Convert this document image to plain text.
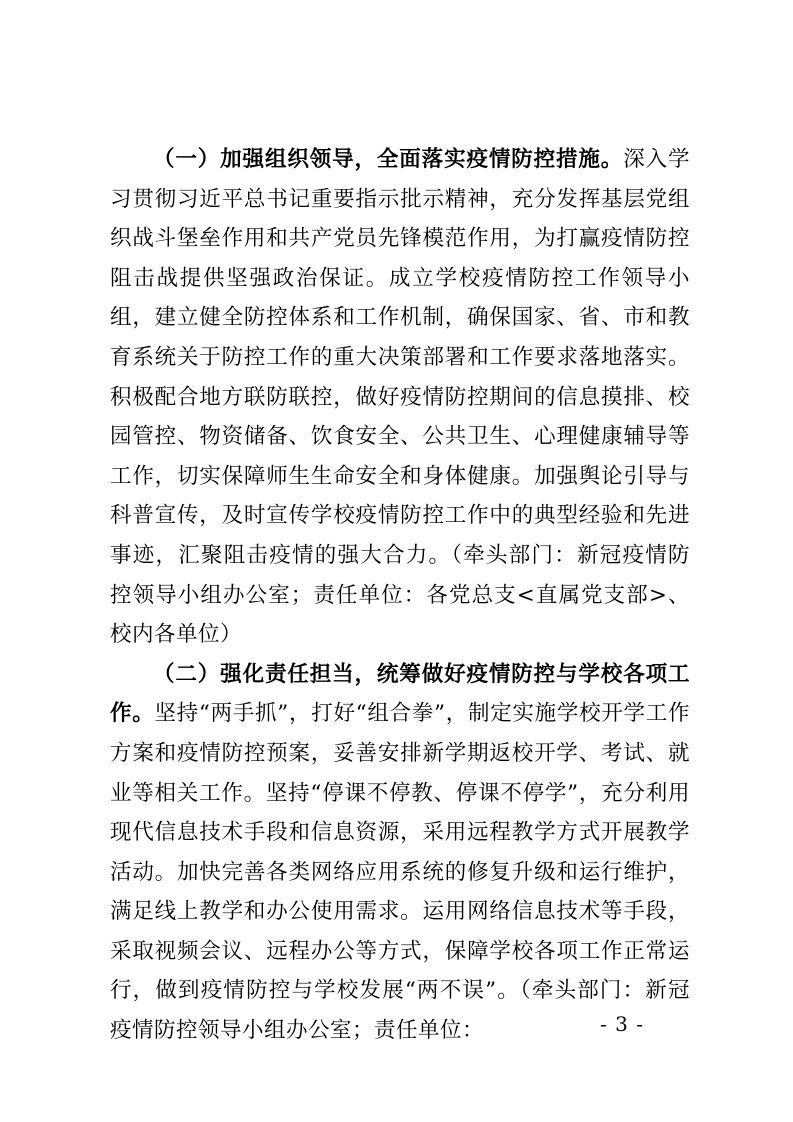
（一）加强组织领导，全面落实疫情防控措施。深入学习贯彻习近平总书记重要指示批示精神，充分发挥基层党组织战斗堡垒作用和共产党员先锋模范作用，为打赢疫情防控阻击战提供坚强政治保证。成立学校疫情防控工作领导小组，建立健全防控体系和工作机制，确保国家、省、市和教育系统关于防控工作的重大决策部署和工作要求落地落实。积极配合地方联防联控，做好疫情防控期间的信息摸排、校园管控、物资储备、饮食安全、公共卫生、心理健康辅导等工作，切实保障师生生命安全和身体健康。加强舆论引导与科普宣传，及时宣传学校疫情防控工作中的典型经验和先进事迹，汇聚阻击疫情的强大合力。（牵头部门：新冠疫情防控领导小组办公室；责任单位：各党总支<直属党支部>、校内各单位）

（二）强化责任担当，统筹做好疫情防控与学校各项工作。坚持“两手抓”，打好“组合拳”，制定实施学校开学工作方案和疫情防控预案，妥善安排新学期返校开学、考试、就业等相关工作。坚持“停课不停教、停课不停学”，充分利用现代信息技术手段和信息资源，采用远程教学方式开展教学活动。加快完善各类网络应用系统的修复升级和运行维护，满足线上教学和办公使用需求。运用网络信息技术等手段，采取视频会议、远程办公等方式，保障学校各项工作正常运行，做到疫情防控与学校发展“两不误”。（牵头部门：新冠疫情防控领导小组办公室；责任单位：	- 3 -
